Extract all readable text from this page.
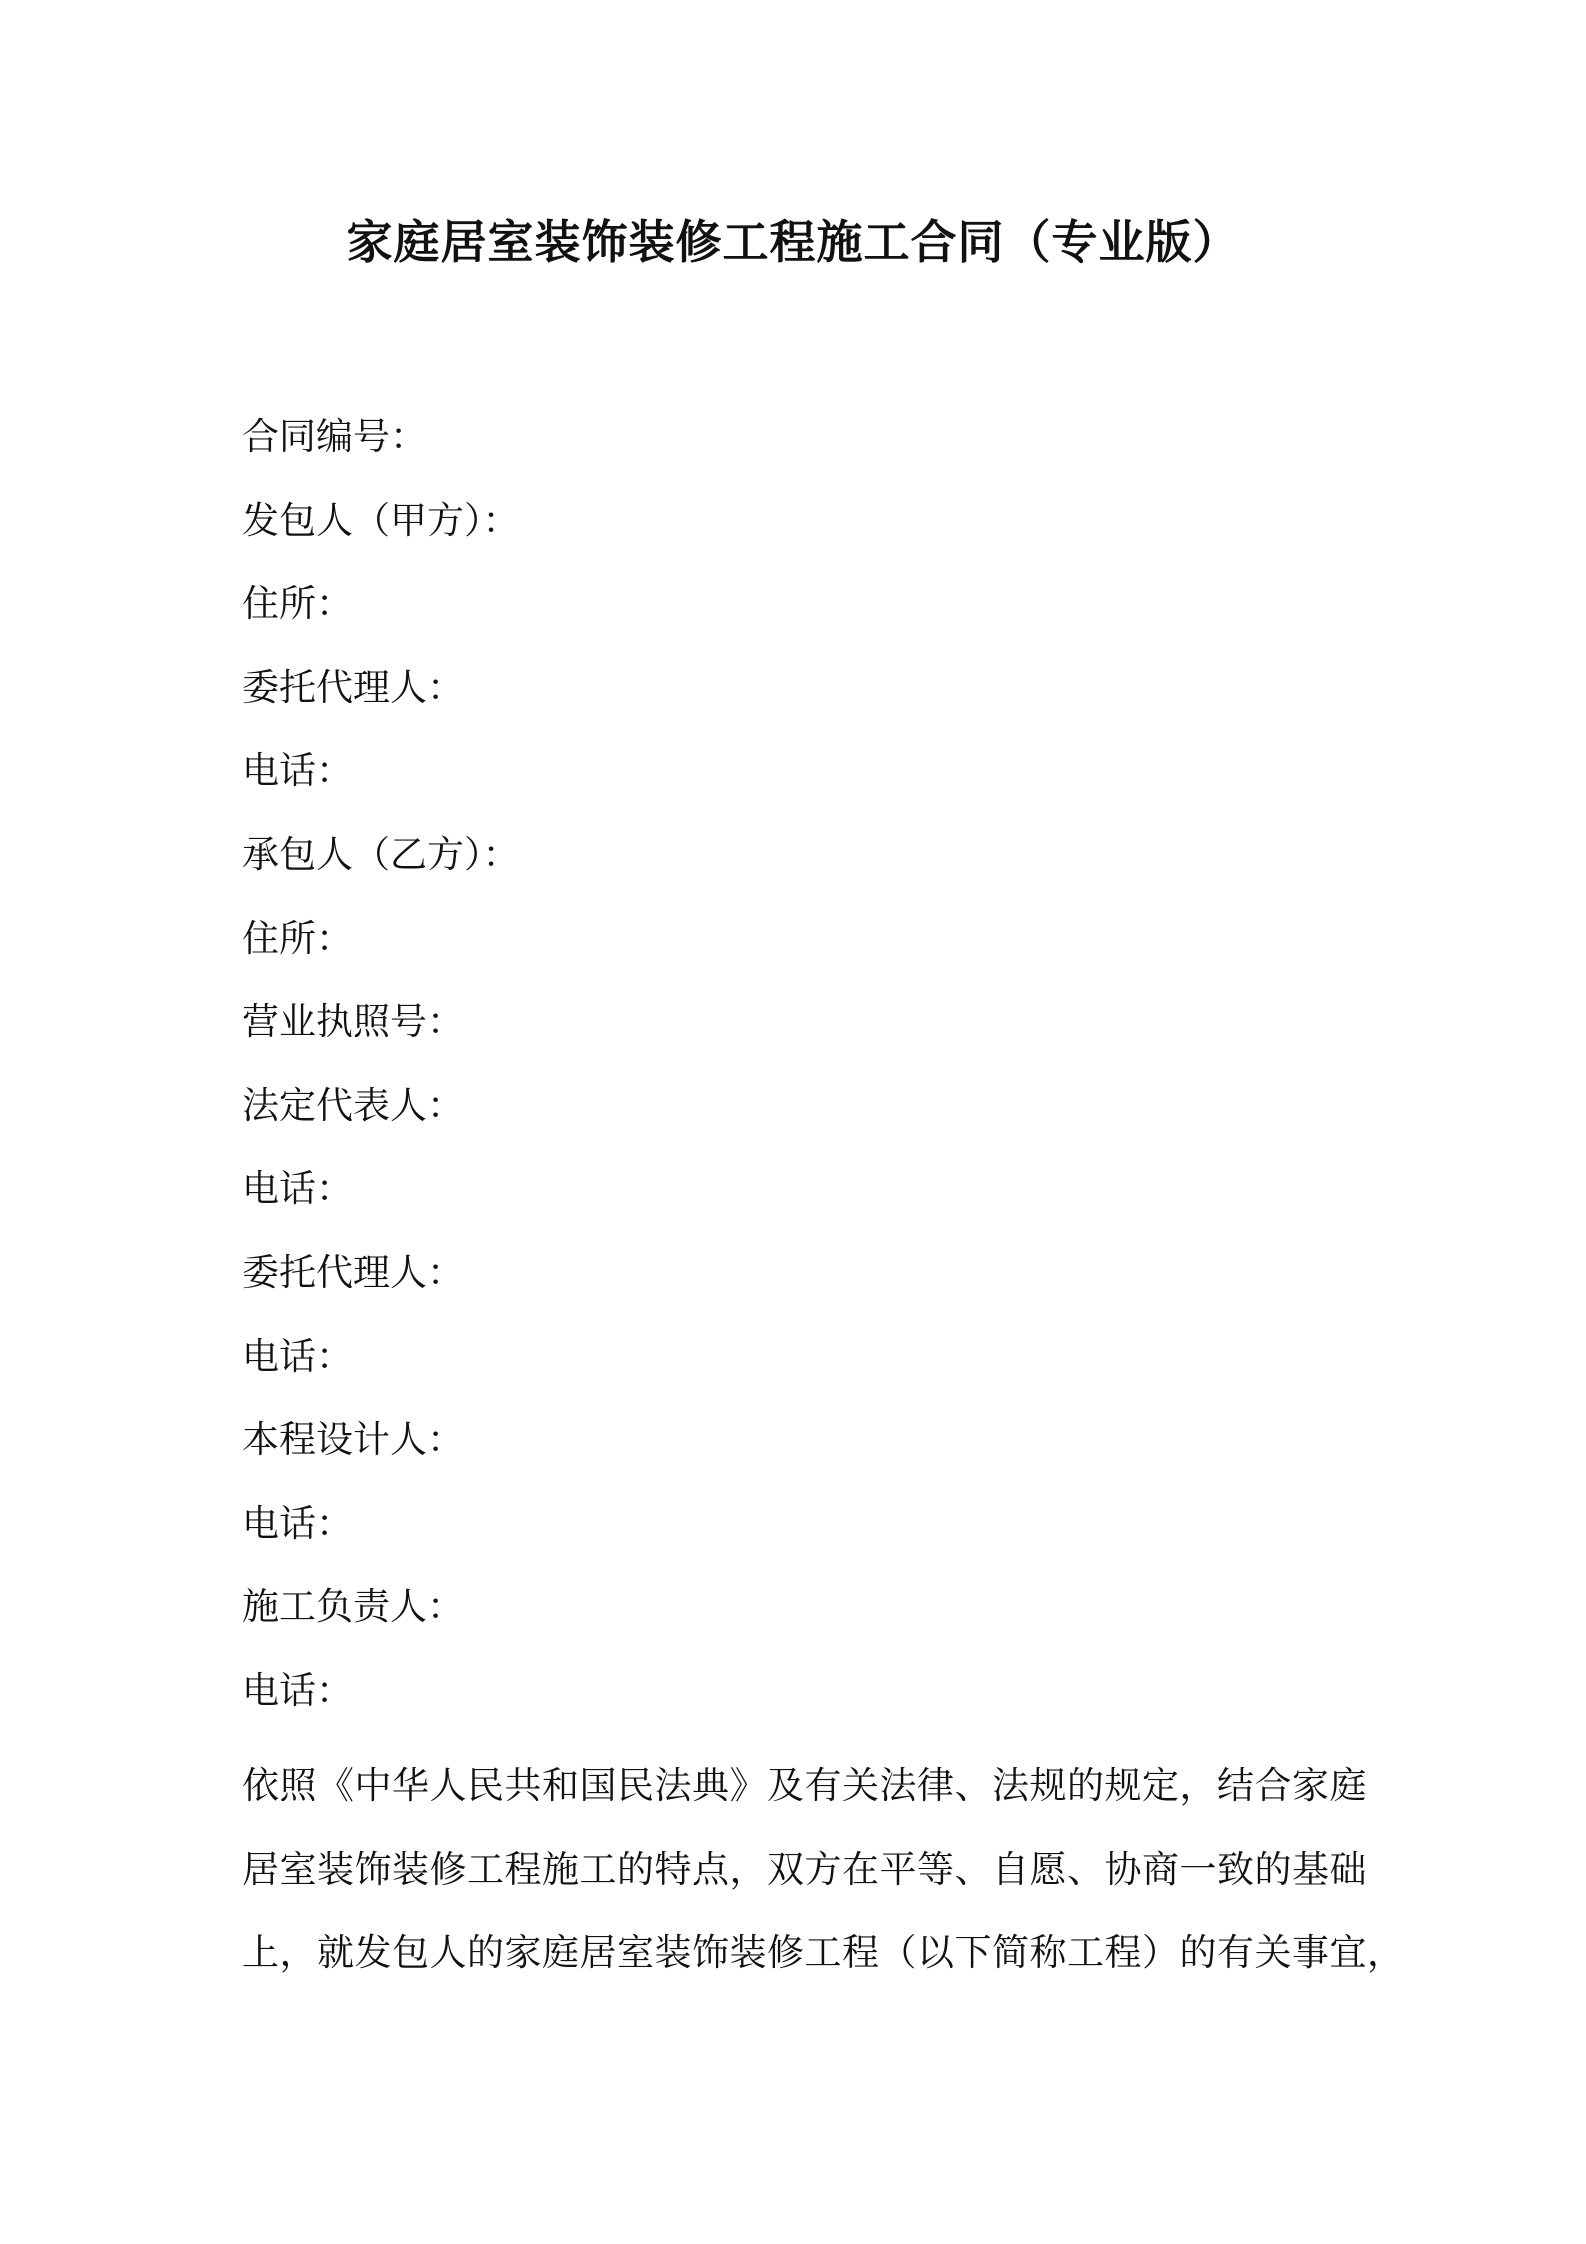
家庭居室装饰装修工程施工合同（专业版）
合同编号：
发包人（甲方）：
住所：
委托代理人：
电话：
承包人（乙方）：
住所：
营业执照号：
法定代表人：
电话：
委托代理人：
电话：
本程设计人：
电话：
施工负责人：
电话：
依照《中华人民共和国民法典》及有关法律、法规的规定，结合家庭
居室装饰装修工程施工的特点，双方在平等、自愿、协商一致的基础
上，就发包人的家庭居室装饰装修工程（以下简称工程）的有关事宜，
